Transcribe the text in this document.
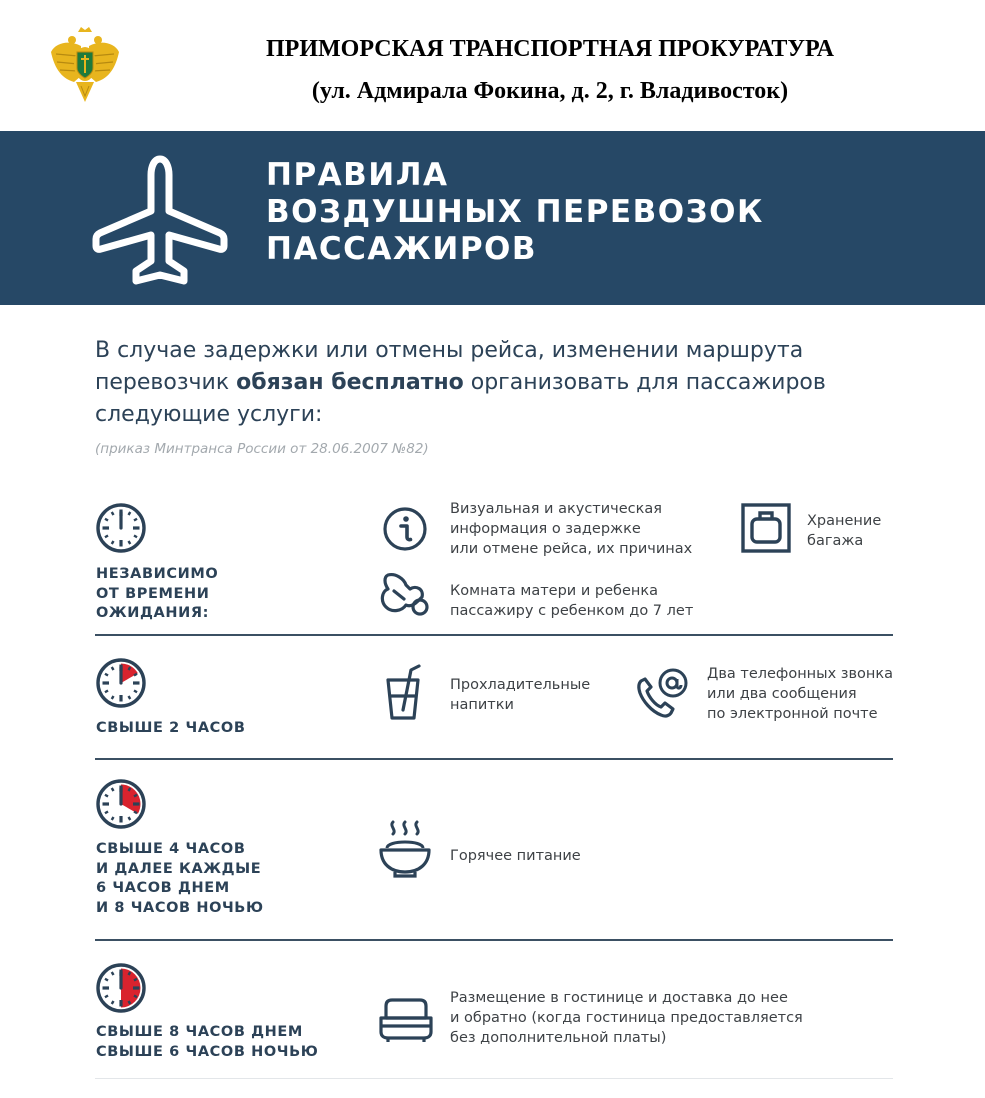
ПРИМОРСКАЯ ТРАНСПОРТНАЯ ПРОКУРАТУРА

(ул. Адмирала Фокина, д. 2, г. Владивосток)

ПРАВИЛА
ВОЗДУШНЫХ ПЕРЕВОЗОК
ПАССАЖИРОВ

В случае задержки или отмены рейса, изменении маршрута перевозчик обязан бесплатно организовать для пассажиров следующие услуги:

(приказ Минтранса России от 28.06.2007 №82)

НЕЗАВИСИМО
ОТ ВРЕМЕНИ
ОЖИДАНИЯ:

Визуальная и акустическая
информация о задержке
или отмене рейса, их причинах

Хранение
багажа

Комната матери и ребенка
пассажиру с ребенком до 7 лет

СВЫШЕ 2 ЧАСОВ

Прохладительные
напитки

Два телефонных звонка
или два сообщения
по электронной почте

СВЫШЕ 4 ЧАСОВ
И ДАЛЕЕ КАЖДЫЕ
6 ЧАСОВ ДНЕМ
И 8 ЧАСОВ НОЧЬЮ

Горячее питание

СВЫШЕ 8 ЧАСОВ ДНЕМ
СВЫШЕ 6 ЧАСОВ НОЧЬЮ

Размещение в гостинице и доставка до нее
и обратно (когда гостиница предоставляется
без дополнительной платы)
